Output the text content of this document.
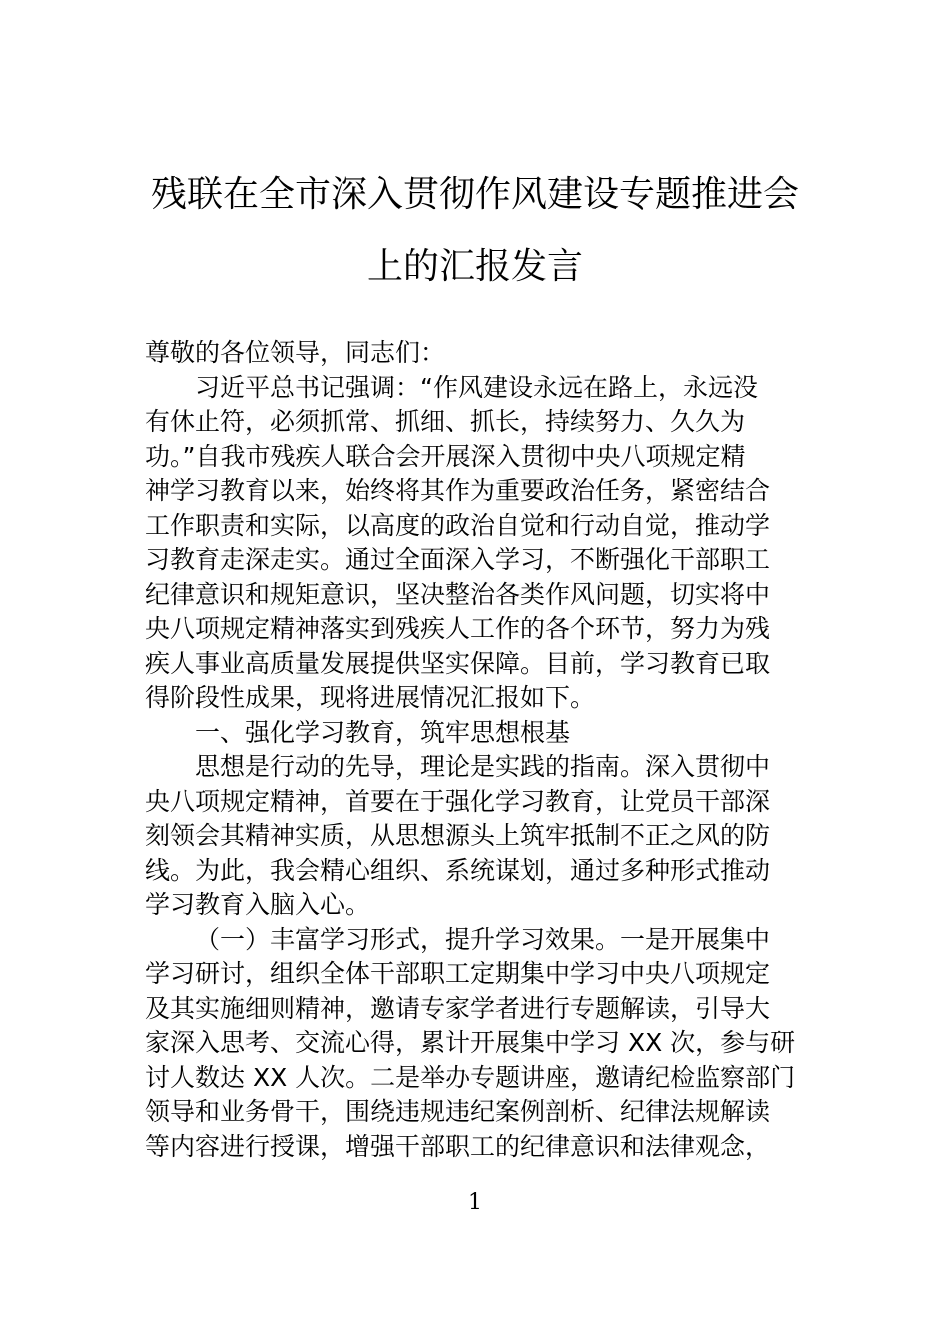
残联在全市深入贯彻作风建设专题推进会
上的汇报发言
尊敬的各位领导，同志们：
习近平总书记强调：“作风建设永远在路上，永远没
有休止符，必须抓常、抓细、抓长，持续努力、久久为
功。”自我市残疾人联合会开展深入贯彻中央八项规定精
神学习教育以来，始终将其作为重要政治任务，紧密结合
工作职责和实际，以高度的政治自觉和行动自觉，推动学
习教育走深走实。通过全面深入学习，不断强化干部职工
纪律意识和规矩意识，坚决整治各类作风问题，切实将中
央八项规定精神落实到残疾人工作的各个环节，努力为残
疾人事业高质量发展提供坚实保障。目前，学习教育已取
得阶段性成果，现将进展情况汇报如下。
一、强化学习教育，筑牢思想根基
思想是行动的先导，理论是实践的指南。深入贯彻中
央八项规定精神，首要在于强化学习教育，让党员干部深
刻领会其精神实质，从思想源头上筑牢抵制不正之风的防
线。为此，我会精心组织、系统谋划，通过多种形式推动
学习教育入脑入心。
（一）丰富学习形式，提升学习效果。一是开展集中
学习研讨，组织全体干部职工定期集中学习中央八项规定
及其实施细则精神，邀请专家学者进行专题解读，引导大
家深入思考、交流心得，累计开展集中学习 XX 次，参与研
讨人数达 XX 人次。二是举办专题讲座，邀请纪检监察部门
领导和业务骨干，围绕违规违纪案例剖析、纪律法规解读
等内容进行授课，增强干部职工的纪律意识和法律观念，
1
